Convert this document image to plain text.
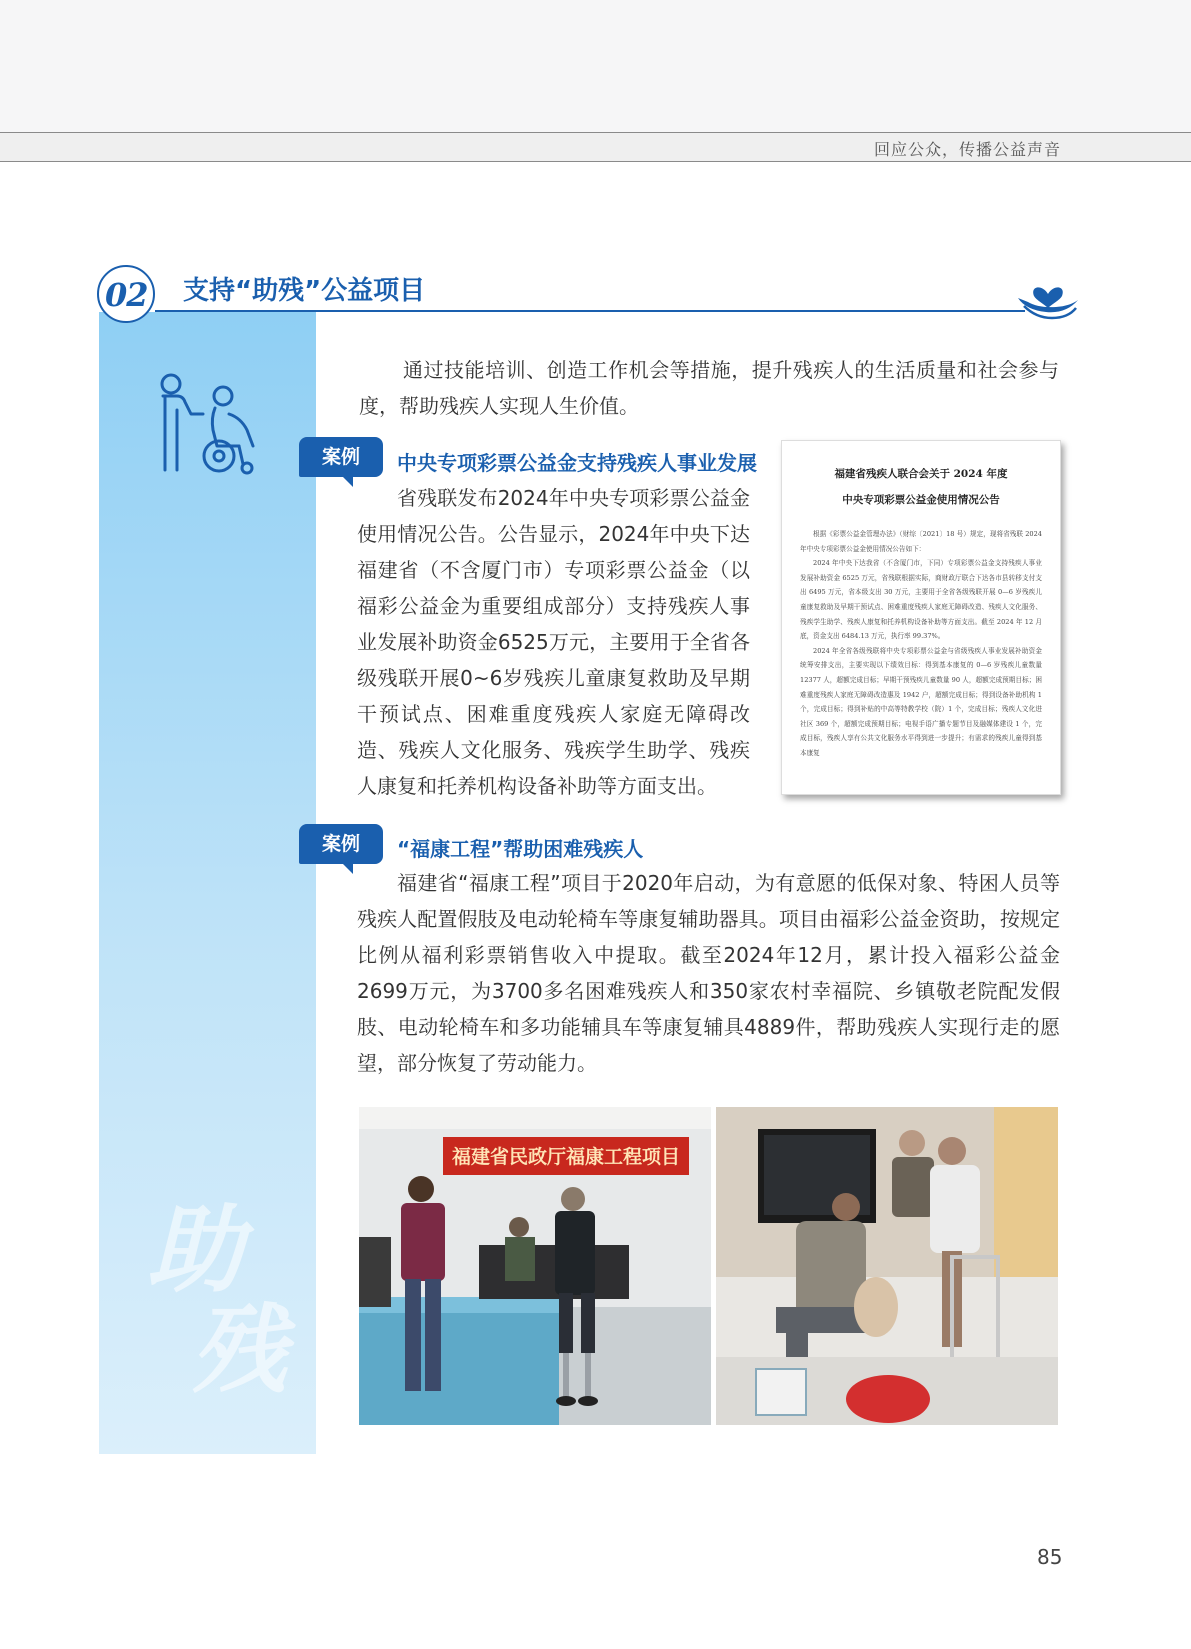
回应公众，传播公益声音
助
残
02 支持“助残”公益项目

通过技能培训、创造工作机会等措施，提升残疾人的生活质量和社会参与度，帮助残疾人实现人生价值。

案例	中央专项彩票公益金支持残疾人事业发展

省残联发布2024年中央专项彩票公益金使用情况公告。公告显示，2024年中央下达福建省（不含厦门市）专项彩票公益金（以福彩公益金为重要组成部分）支持残疾人事业发展补助资金6525万元，主要用于全省各级残联开展0~6岁残疾儿童康复救助及早期干预试点、困难重度残疾人家庭无障碍改造、残疾人文化服务、残疾学生助学、残疾人康复和托养机构设备补助等方面支出。

福建省残疾人联合会关于 2024 年度
中央专项彩票公益金使用情况公告

根据《彩票公益金管理办法》（财综〔2021〕18 号）规定，现将省残联 2024 年中央专项彩票公益金使用情况公告如下：

2024 年中央下达我省（不含厦门市，下同）专项彩票公益金支持残疾人事业发展补助资金 6525 万元，省残联根据实际，商财政厅联合下达各市县转移支付支出 6495 万元，省本级支出 30 万元，主要用于全省各级残联开展 0—6 岁残疾儿童康复救助及早期干预试点、困难重度残疾人家庭无障碍改造、残疾人文化服务、残疾学生助学、残疾人康复和托养机构设备补助等方面支出。截至 2024 年 12 月底，资金支出 6484.13 万元，执行率 99.37%。

2024 年全省各级残联将中央专项彩票公益金与省级残疾人事业发展补助资金统筹安排支出，主要实现以下绩效目标：得到基本康复的 0—6 岁残疾儿童数量 12377 人，超额完成目标；早期干预残疾儿童数量 90 人，超额完成预期目标；困难重度残疾人家庭无障碍改造惠及 1942 户，超额完成目标；得到设备补助机构 1 个，完成目标；得到补贴的中高等特教学校（院）1 个，完成目标；残疾人文化进社区 369 个，超额完成预期目标；电视手语广播专题节目及融媒体建设 1 个，完成目标，残疾人享有公共文化服务水平得到进一步提升；有需求的残疾儿童得到基本康复

案例	“福康工程”帮助困难残疾人

福建省“福康工程”项目于2020年启动，为有意愿的低保对象、特困人员等残疾人配置假肢及电动轮椅车等康复辅助器具。项目由福彩公益金资助，按规定比例从福利彩票销售收入中提取。截至2024年12月，累计投入福彩公益金2699万元，为3700多名困难残疾人和350家农村幸福院、乡镇敬老院配发假肢、电动轮椅车和多功能辅具车等康复辅具4889件，帮助残疾人实现行走的愿望，部分恢复了劳动能力。

福建省民政厅福康工程项目
85
